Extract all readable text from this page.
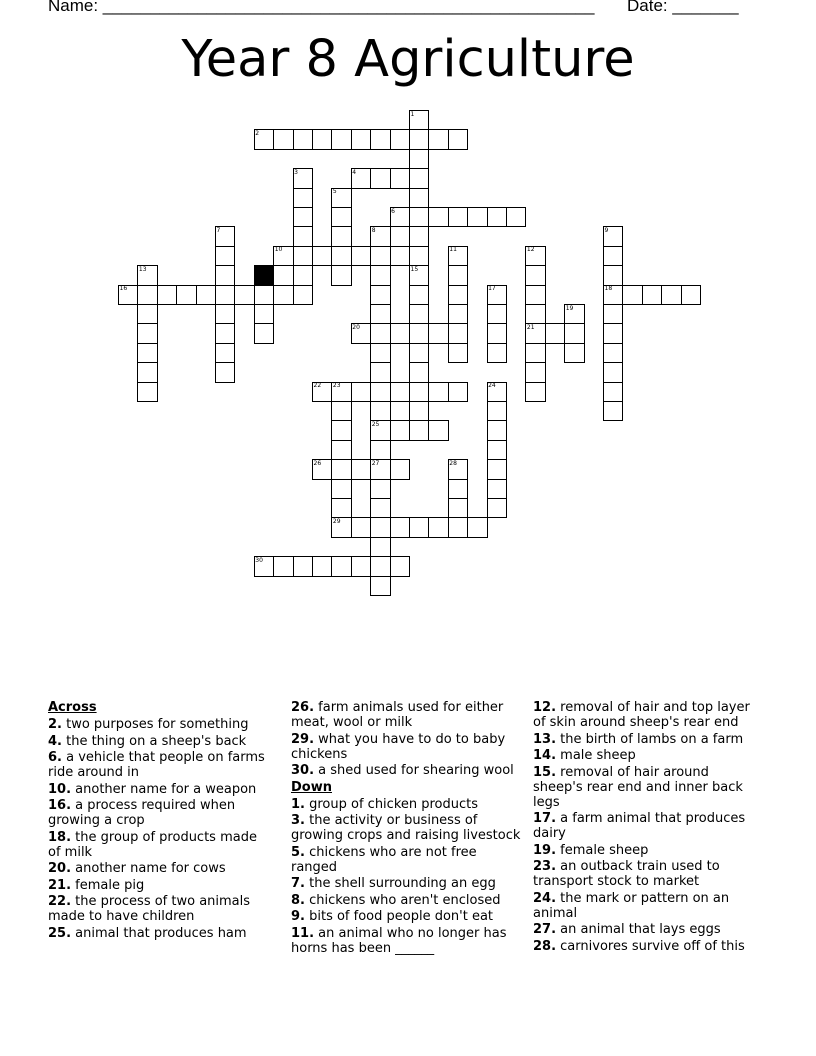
Name: ____________________________________________________ Date: _______
Year 8 Agriculture
2
4
6
10
16	18
20	21
22 23
25
26	27
29
30
1
15
3
5
7	8	9
11	12
13	14
17
19
24
28
Across
2. two purposes for something
4. the thing on a sheep's back
6. a vehicle that people on farms ride around in
10. another name for a weapon
16. a process required when growing a crop
18. the group of products made of milk
20. another name for cows
21. female pig
22. the process of two animals made to have children
25. animal that produces ham
26. farm animals used for either meat, wool or milk
29. what you have to do to baby chickens
30. a shed used for shearing wool
Down
1. group of chicken products
3. the activity or business of growing crops and raising livestock
5. chickens who are not free ranged
7. the shell surrounding an egg
8. chickens who aren't enclosed
9. bits of food people don't eat
11. an animal who no longer has horns has been ______
12. removal of hair and top layer of skin around sheep's rear end
13. the birth of lambs on a farm
14. male sheep
15. removal of hair around sheep's rear end and inner back legs
17. a farm animal that produces dairy
19. female sheep
23. an outback train used to transport stock to market
24. the mark or pattern on an animal
27. an animal that lays eggs
28. carnivores survive off of this
